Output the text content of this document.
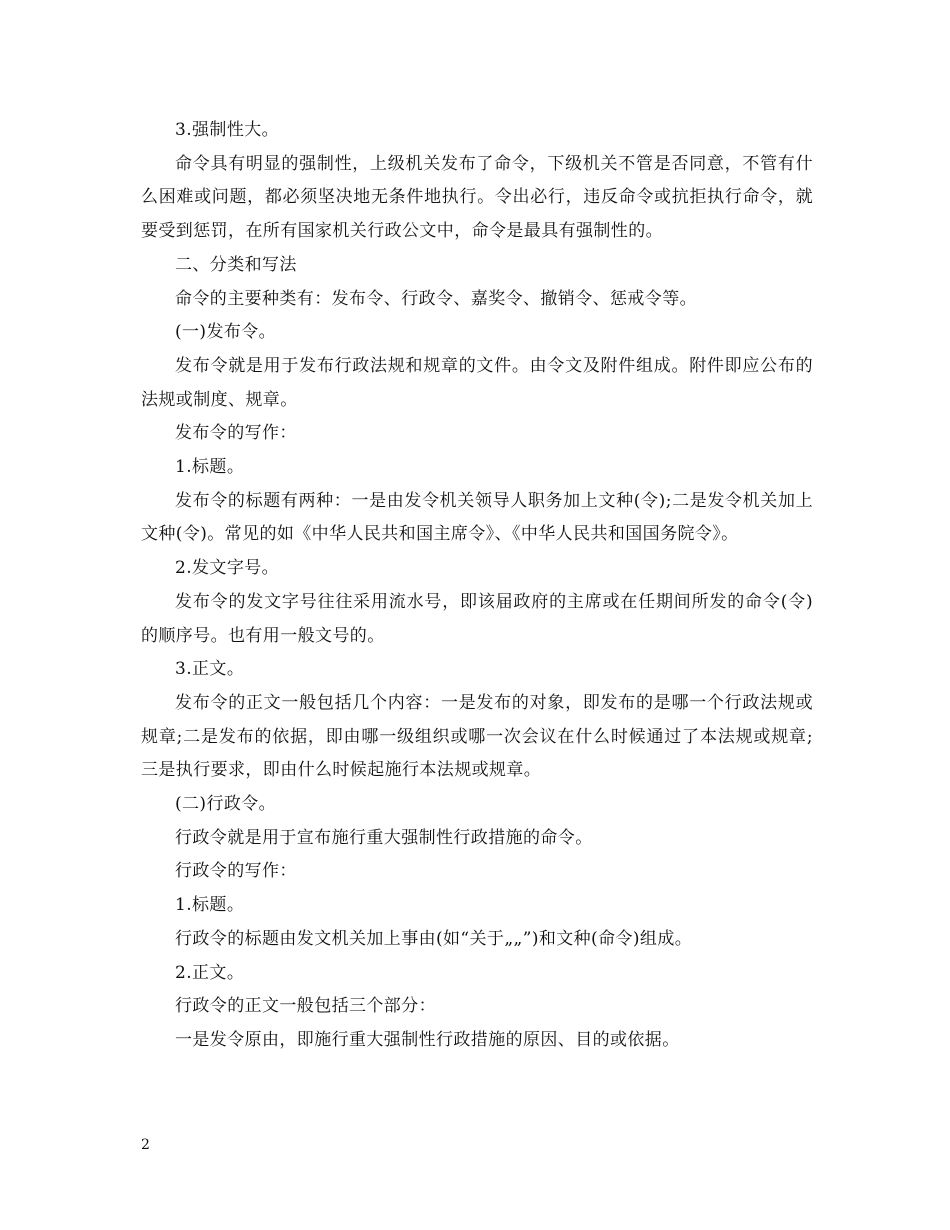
3.强制性大。

命令具有明显的强制性，上级机关发布了命令，下级机关不管是否同意，不管有什么困难或问题，都必须坚决地无条件地执行。令出必行，违反命令或抗拒执行命令，就要受到惩罚，在所有国家机关行政公文中，命令是最具有强制性的。

二、分类和写法

命令的主要种类有：发布令、行政令、嘉奖令、撤销令、惩戒令等。

(一)发布令。

发布令就是用于发布行政法规和规章的文件。由令文及附件组成。附件即应公布的法规或制度、规章。

发布令的写作：

1.标题。

发布令的标题有两种：一是由发令机关领导人职务加上文种(令);二是发令机关加上文种(令)。常见的如《中华人民共和国主席令》、《中华人民共和国国务院令》。

2.发文字号。

发布令的发文字号往往采用流水号，即该届政府的主席或在任期间所发的命令(令)的顺序号。也有用一般文号的。

3.正文。

发布令的正文一般包括几个内容：一是发布的对象，即发布的是哪一个行政法规或规章;二是发布的依据，即由哪一级组织或哪一次会议在什么时候通过了本法规或规章;三是执行要求，即由什么时候起施行本法规或规章。

(二)行政令。

行政令就是用于宣布施行重大强制性行政措施的命令。

行政令的写作：

1.标题。

行政令的标题由发文机关加上事由(如“关于„„”)和文种(命令)组成。

2.正文。

行政令的正文一般包括三个部分：

一是发令原由，即施行重大强制性行政措施的原因、目的或依据。

2
